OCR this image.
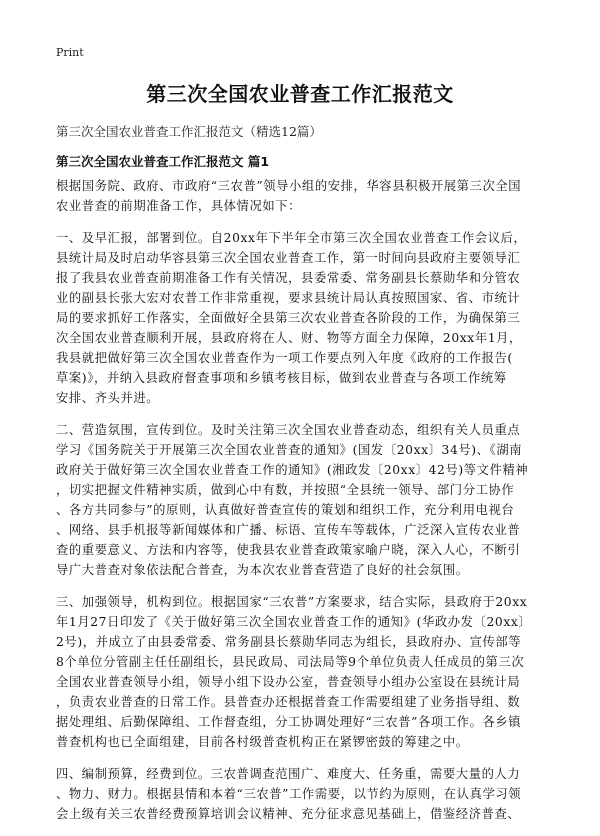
Print
第三次全国农业普查工作汇报范文
第三次全国农业普查工作汇报范文（精选12篇）
第三次全国农业普查工作汇报范文 篇1
根据国务院、政府、市政府“三农普”领导小组的安排，华容县积极开展第三次全国
农业普查的前期准备工作，具体情况如下：
一、及早汇报，部署到位。自20xx年下半年全市第三次全国农业普查工作会议后，
县统计局及时启动华容县第三次全国农业普查工作，第一时间向县政府主要领导汇
报了我县农业普查前期准备工作有关情况，县委常委、常务副县长蔡勋华和分管农
业的副县长张大宏对农普工作非常重视，要求县统计局认真按照国家、省、市统计
局的要求抓好工作落实，全面做好全县第三次农业普查各阶段的工作，为确保第三
次全国农业普查顺利开展，县政府将在人、财、物等方面全力保障，20xx年1月，
我县就把做好第三次全国农业普查作为一项工作要点列入年度《政府的工作报告(
草案)》，并纳入县政府督查事项和乡镇考核目标，做到农业普查与各项工作统筹
安排、齐头并进。
二、营造氛围，宣传到位。及时关注第三次全国农业普查动态，组织有关人员重点
学习《国务院关于开展第三次全国农业普查的通知》(国发〔20xx〕34号)、《湖南
政府关于做好第三次全国农业普查工作的通知》(湘政发〔20xx〕42号)等文件精神
，切实把握文件精神实质，做到心中有数，并按照“全县统一领导、部门分工协作
、各方共同参与”的原则，认真做好普查宣传的策划和组织工作，充分利用电视台
、网络、县手机报等新闻媒体和广播、标语、宣传车等载体，广泛深入宣传农业普
查的重要意义、方法和内容等，使我县农业普查政策家喻户晓，深入人心，不断引
导广大普查对象依法配合普查，为本次农业普查营造了良好的社会氛围。
三、加强领导，机构到位。根据国家“三农普”方案要求，结合实际，县政府于20xx
年1月27日印发了《关于做好第三次全国农业普查工作的通知》(华政办发〔20xx〕
2号)，并成立了由县委常委、常务副县长蔡勋华同志为组长，县政府办、宣传部等
8个单位分管副主任任副组长，县民政局、司法局等9个单位负责人任成员的第三次
全国农业普查领导小组，领导小组下设办公室，普查领导小组办公室设在县统计局
，负责农业普查的日常工作。县普查办还根据普查工作需要组建了业务指导组、数
据处理组、后勤保障组、工作督查组，分工协调处理好“三农普”各项工作。各乡镇
普查机构也已全面组建，目前各村级普查机构正在紧锣密鼓的筹建之中。
四、编制预算，经费到位。三农普调查范围广、难度大、任务重，需要大量的人力
、物力、财力。根据县情和本着“三农普”工作需要，以节约为原则，在认真学习领
会上级有关三农普经费预算培训会议精神、充分征求意见基础上，借鉴经济普查、
